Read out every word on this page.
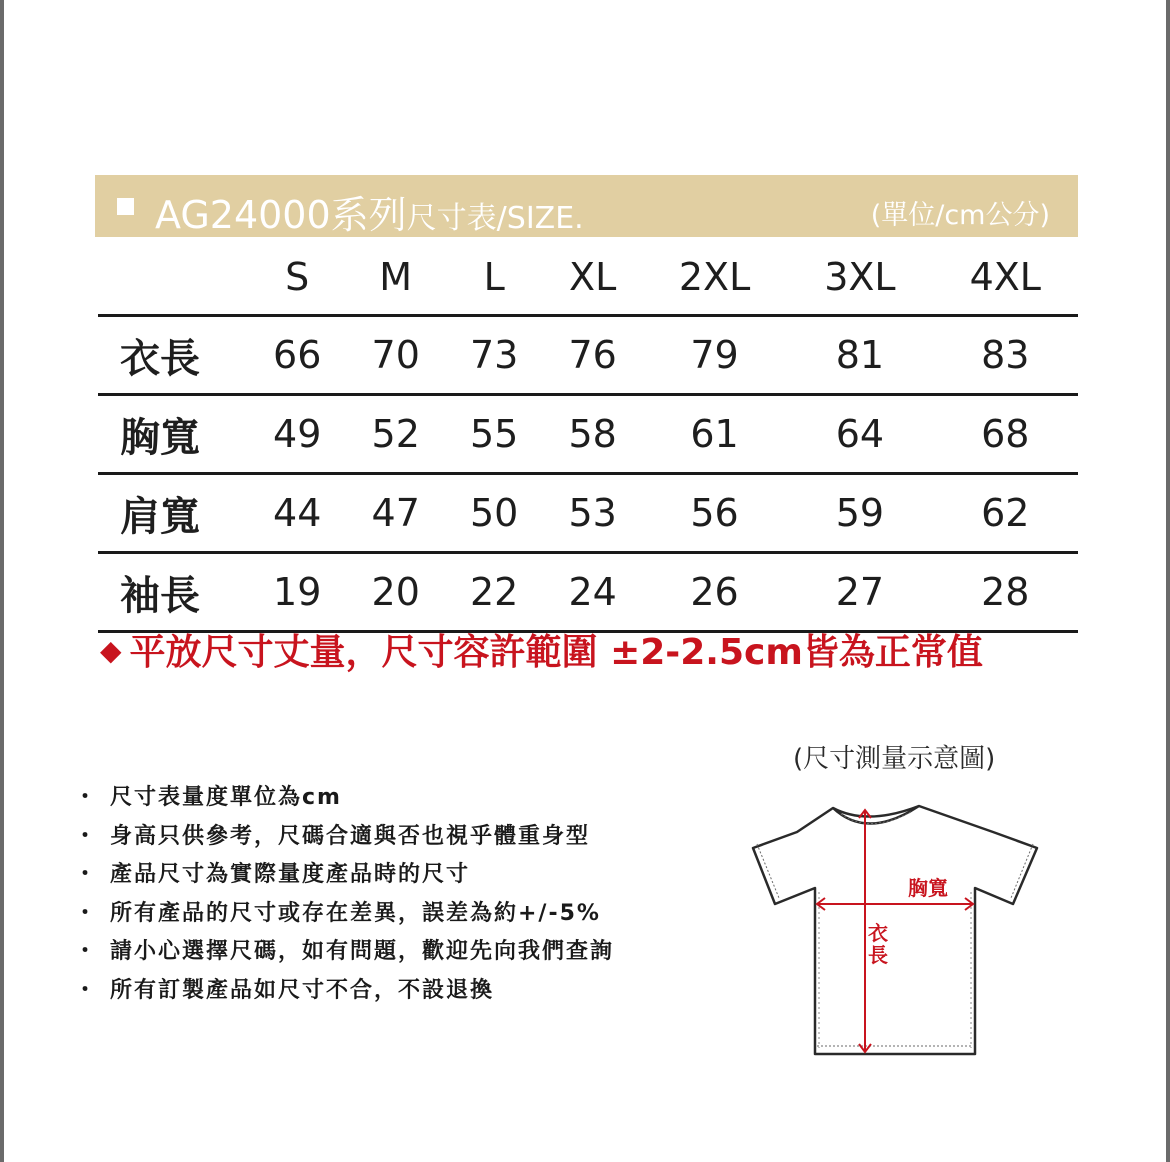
AG24000系列尺寸表/SIZE.	(單位/cm公分)
	S	M	L	XL	2XL	3XL	4XL
衣長	66	70	73	76	79	81	83
胸寬	49	52	55	58	61	64	68
肩寬	44	47	50	53	56	59	62
袖長	19	20	22	24	26	27	28
◆ 平放尺寸丈量，尺寸容許範圍 ±2-2.5cm皆為正常值
・ 尺寸表量度單位為cm
・ 身高只供參考，尺碼合適與否也視乎體重身型
・ 產品尺寸為實際量度產品時的尺寸
・ 所有產品的尺寸或存在差異，誤差為約+/-5%
・ 請小心選擇尺碼，如有問題，歡迎先向我們查詢
・ 所有訂製產品如尺寸不合，不設退換
(尺寸測量示意圖)
胸寬
衣長
